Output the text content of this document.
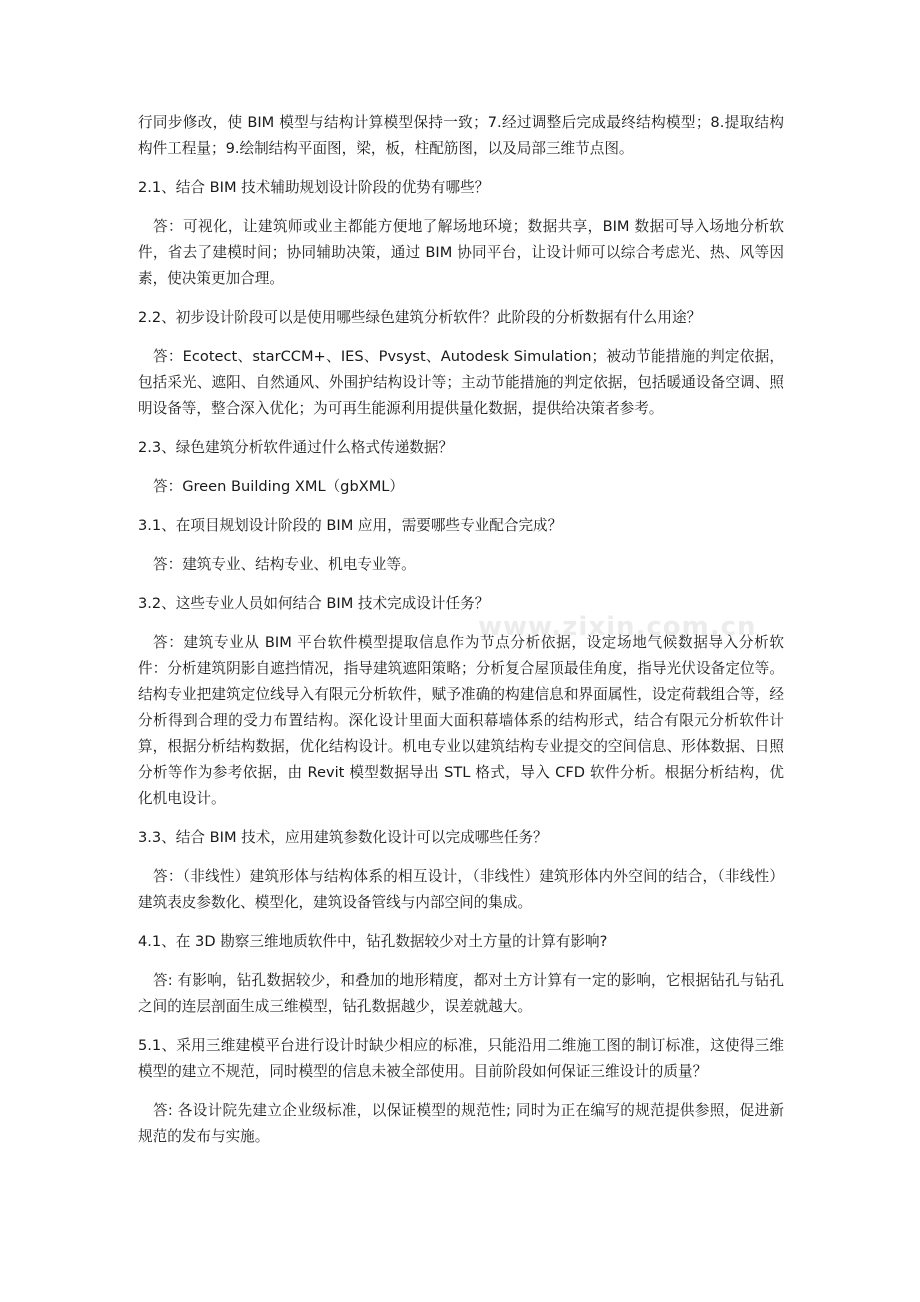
www.zixin.com.cn

行同步修改，使 BIM 模型与结构计算模型保持一致；7.经过调整后完成最终结构模型；8.提取结构构件工程量；9.绘制结构平面图，梁，板，柱配筋图，以及局部三维节点图。

2.1、结合 BIM 技术辅助规划设计阶段的优势有哪些？

答：可视化，让建筑师或业主都能方便地了解场地环境；数据共享，BIM 数据可导入场地分析软件，省去了建模时间；协同辅助决策，通过 BIM 协同平台，让设计师可以综合考虑光、热、风等因素，使决策更加合理。

2.2、初步设计阶段可以是使用哪些绿色建筑分析软件？此阶段的分析数据有什么用途？

答：Ecotect、starCCM+、IES、Pvsyst、Autodesk Simulation；被动节能措施的判定依据，包括采光、遮阳、自然通风、外围护结构设计等；主动节能措施的判定依据，包括暖通设备空调、照明设备等，整合深入优化；为可再生能源利用提供量化数据，提供给决策者参考。

2.3、绿色建筑分析软件通过什么格式传递数据？

答：Green Building XML（gbXML）

3.1、在项目规划设计阶段的 BIM 应用，需要哪些专业配合完成？

答：建筑专业、结构专业、机电专业等。

3.2、这些专业人员如何结合 BIM 技术完成设计任务？

答：建筑专业从 BIM 平台软件模型提取信息作为节点分析依据，设定场地气候数据导入分析软件：分析建筑阴影自遮挡情况，指导建筑遮阳策略；分析复合屋顶最佳角度，指导光伏设备定位等。结构专业把建筑定位线导入有限元分析软件，赋予准确的构建信息和界面属性，设定荷载组合等，经分析得到合理的受力布置结构。深化设计里面大面积幕墙体系的结构形式，结合有限元分析软件计算，根据分析结构数据，优化结构设计。机电专业以建筑结构专业提交的空间信息、形体数据、日照分析等作为参考依据，由 Revit 模型数据导出 STL 格式，导入 CFD 软件分析。根据分析结构，优化机电设计。

3.3、结合 BIM 技术，应用建筑参数化设计可以完成哪些任务？

答：（非线性）建筑形体与结构体系的相互设计，（非线性）建筑形体内外空间的结合，（非线性）建筑表皮参数化、模型化，建筑设备管线与内部空间的集成。

4.1、在 3D 勘察三维地质软件中，钻孔数据较少对土方量的计算有影响?

答: 有影响，钻孔数据较少，和叠加的地形精度，都对土方计算有一定的影响，它根据钻孔与钻孔之间的连层剖面生成三维模型，钻孔数据越少，误差就越大。

5.1、采用三维建模平台进行设计时缺少相应的标准，只能沿用二维施工图的制订标准，这使得三维模型的建立不规范，同时模型的信息未被全部使用。目前阶段如何保证三维设计的质量？

答: 各设计院先建立企业级标准，以保证模型的规范性; 同时为正在编写的规范提供参照，促进新规范的发布与实施。
